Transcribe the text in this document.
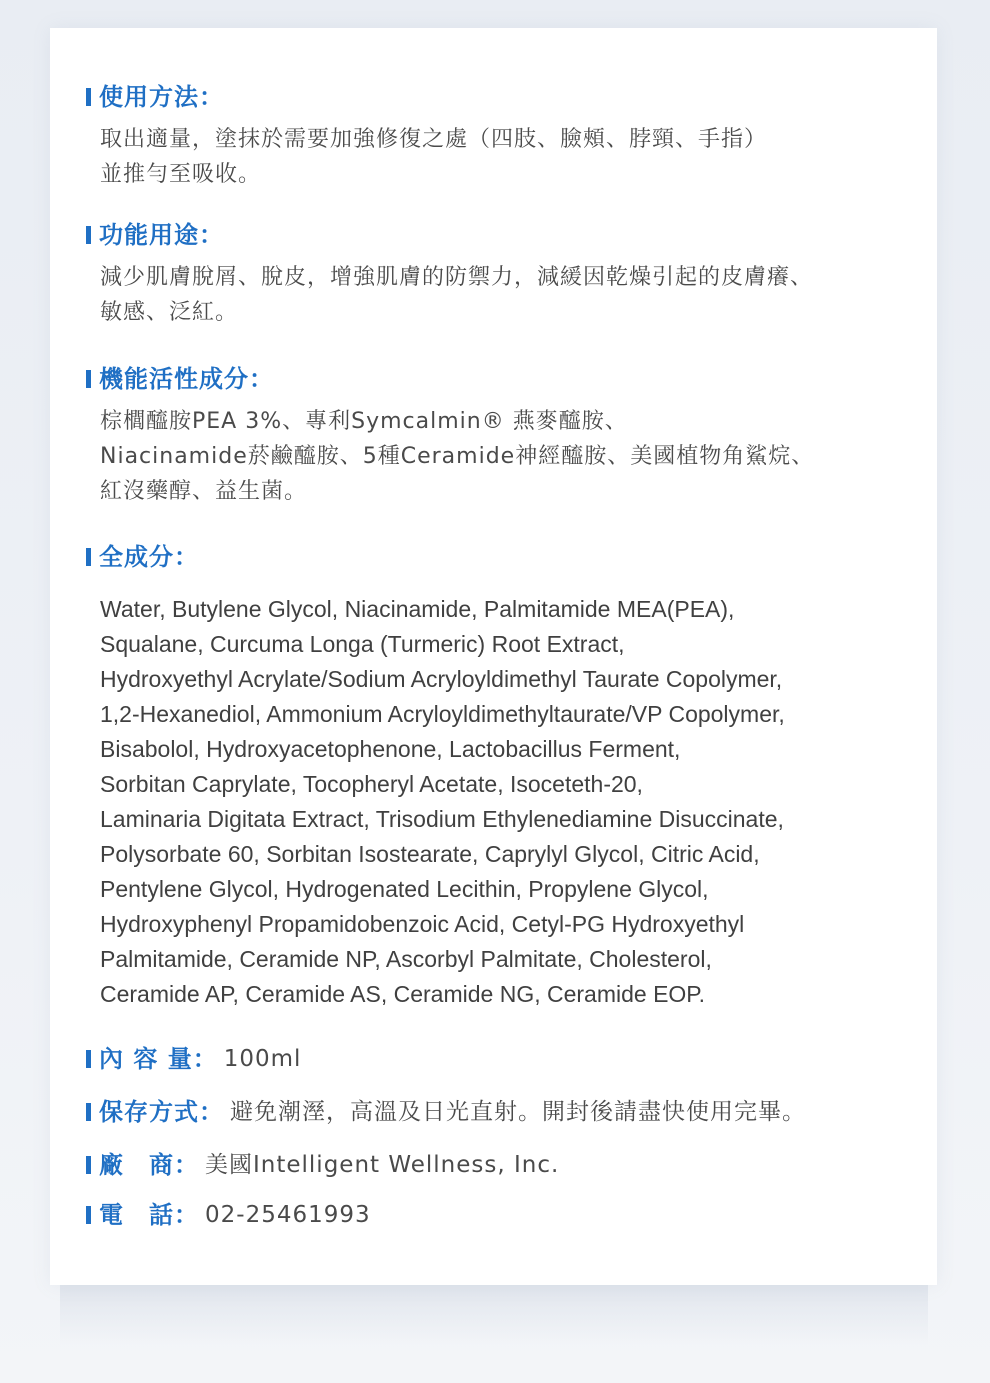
使用方法：
取出適量，塗抹於需要加強修復之處（四肢、臉頰、脖頸、手指）
並推勻至吸收。
功能用途：
減少肌膚脫屑、脫皮，增強肌膚的防禦力，減緩因乾燥引起的皮膚癢、
敏感、泛紅。
機能活性成分：
棕櫚醯胺PEA 3%、專利Symcalmin® 燕麥醯胺、
Niacinamide菸鹼醯胺、5種Ceramide神經醯胺、美國植物角鯊烷、
紅沒藥醇、益生菌。
全成分：
Water, Butylene Glycol, Niacinamide, Palmitamide MEA(PEA),
Squalane, Curcuma Longa (Turmeric) Root Extract,
Hydroxyethyl Acrylate/Sodium Acryloyldimethyl Taurate Copolymer,
1,2-Hexanediol, Ammonium Acryloyldimethyltaurate/VP Copolymer,
Bisabolol, Hydroxyacetophenone, Lactobacillus Ferment,
Sorbitan Caprylate, Tocopheryl Acetate, Isoceteth-20,
Laminaria Digitata Extract, Trisodium Ethylenediamine Disuccinate,
Polysorbate 60, Sorbitan Isostearate, Caprylyl Glycol, Citric Acid,
Pentylene Glycol, Hydrogenated Lecithin, Propylene Glycol,
Hydroxyphenyl Propamidobenzoic Acid, Cetyl-PG Hydroxyethyl
Palmitamide, Ceramide NP, Ascorbyl Palmitate, Cholesterol,
Ceramide AP, Ceramide AS, Ceramide NG, Ceramide EOP.
內 容 量： 100ml
保存方式： 避免潮溼，高溫及日光直射。開封後請盡快使用完畢。
廠　商： 美國Intelligent Wellness, Inc.
電　話： 02-25461993
